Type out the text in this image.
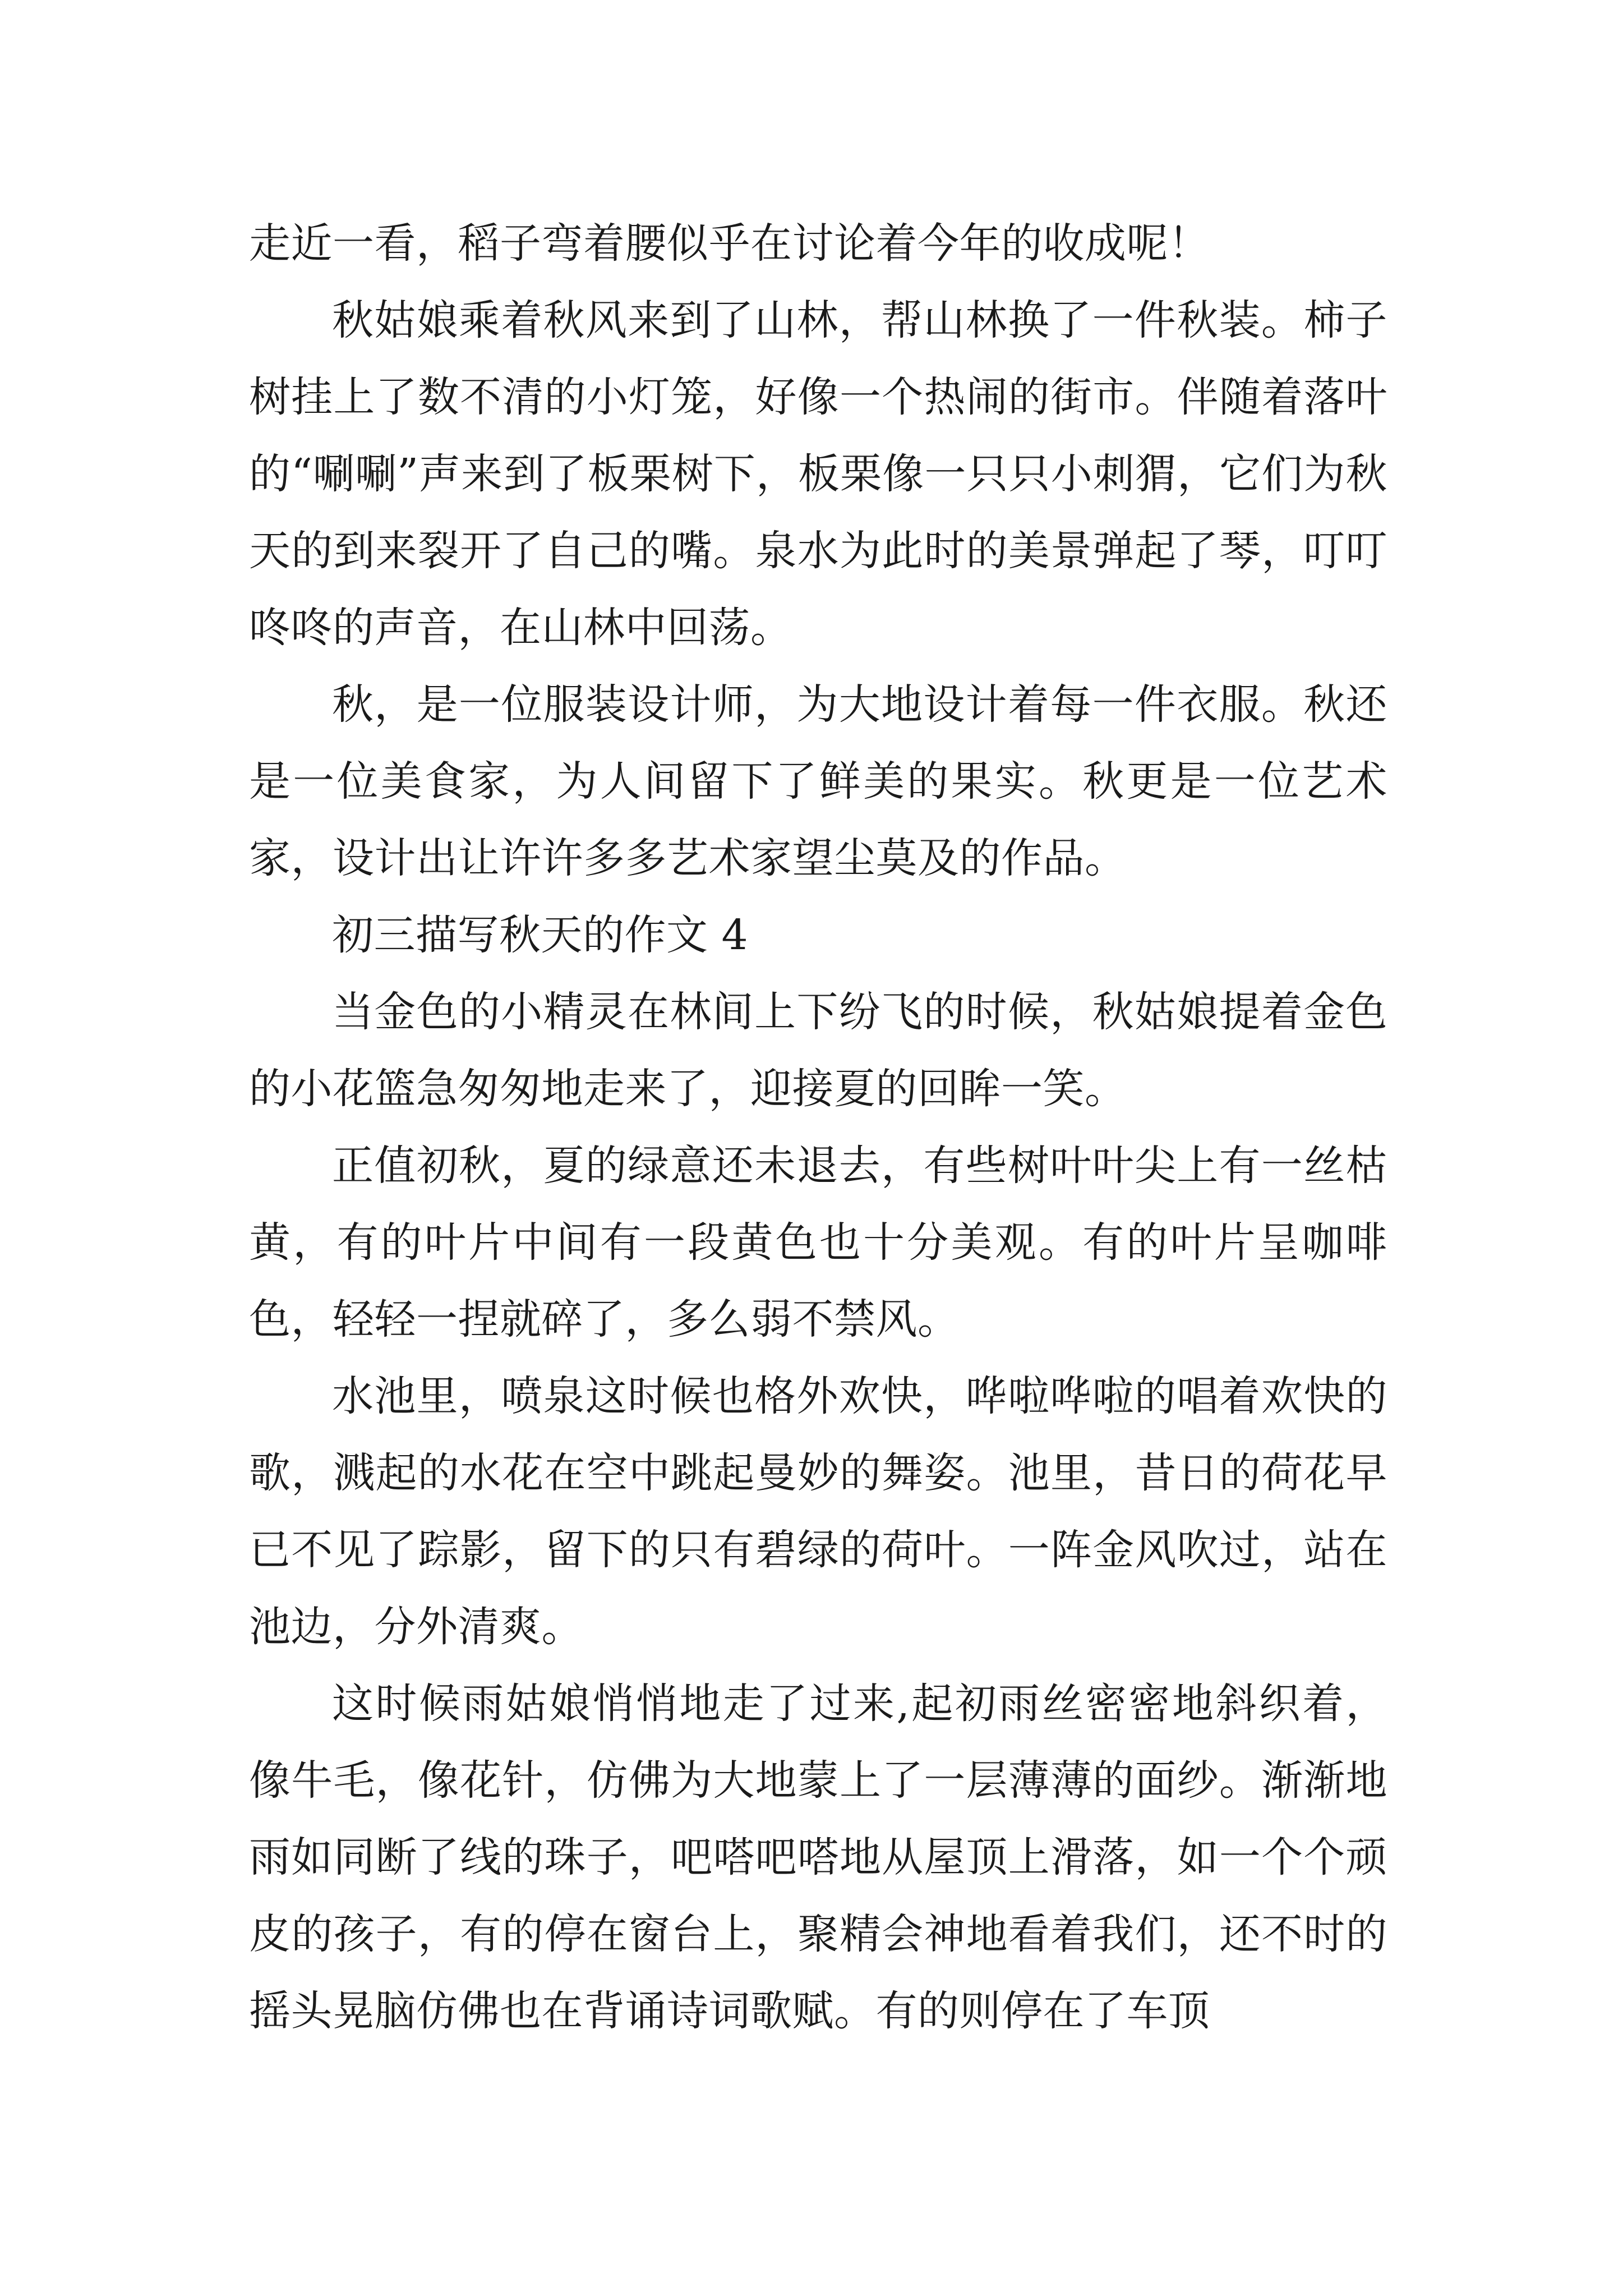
走近一看，稻子弯着腰似乎在讨论着今年的收成呢！

秋姑娘乘着秋风来到了山林，帮山林换了一件秋装。柿子树挂上了数不清的小灯笼，好像一个热闹的街市。伴随着落叶的“唰唰”声来到了板栗树下，板栗像一只只小刺猬，它们为秋天的到来裂开了自己的嘴。泉水为此时的美景弹起了琴，叮叮咚咚的声音，在山林中回荡。

秋，是一位服装设计师，为大地设计着每一件衣服。秋还是一位美食家，为人间留下了鲜美的果实。秋更是一位艺术家，设计出让许许多多艺术家望尘莫及的作品。

初三描写秋天的作文 4

当金色的小精灵在林间上下纷飞的时候，秋姑娘提着金色的小花篮急匆匆地走来了，迎接夏的回眸一笑。

正值初秋，夏的绿意还未退去，有些树叶叶尖上有一丝枯黄，有的叶片中间有一段黄色也十分美观。有的叶片呈咖啡色，轻轻一捏就碎了，多么弱不禁风。

水池里，喷泉这时候也格外欢快，哗啦哗啦的唱着欢快的歌，溅起的水花在空中跳起曼妙的舞姿。池里，昔日的荷花早已不见了踪影，留下的只有碧绿的荷叶。一阵金风吹过，站在池边，分外清爽。

这时候雨姑娘悄悄地走了过来,起初雨丝密密地斜织着，像牛毛，像花针，仿佛为大地蒙上了一层薄薄的面纱。渐渐地雨如同断了线的珠子，吧嗒吧嗒地从屋顶上滑落，如一个个顽皮的孩子，有的停在窗台上，聚精会神地看着我们，还不时的摇头晃脑仿佛也在背诵诗词歌赋。有的则停在了车顶
